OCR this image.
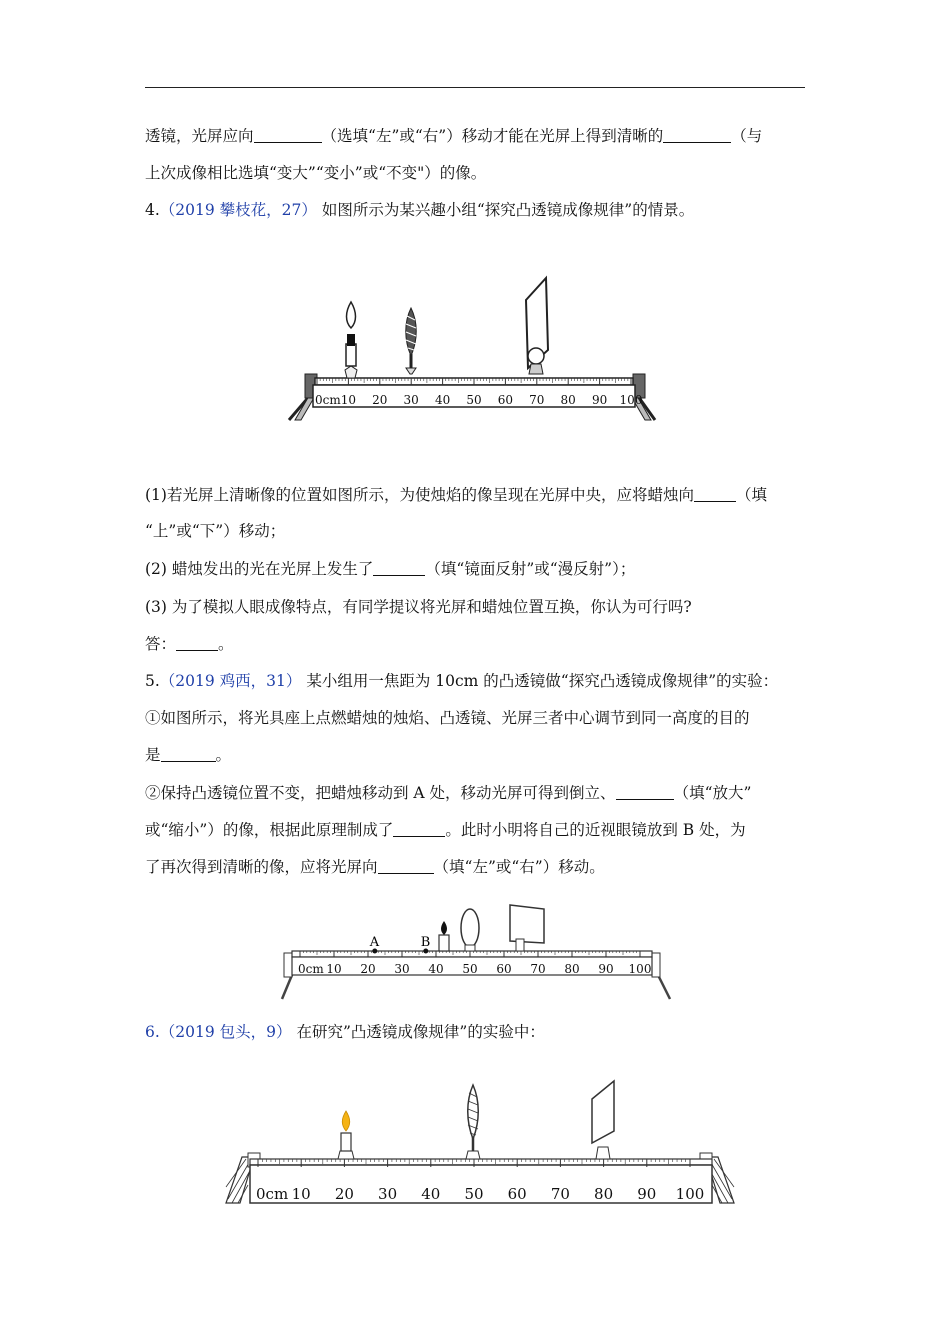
透镜，光屏应向	（选填“左”或“右”）移动才能在光屏上得到清晰的	（与
上次成像相比选填“变大”“变小”或“不变"）的像。
4.（2019 攀枝花，27） 如图所示为某兴趣小组“探究凸透镜成像规律”的情景。
0cm 10 20 30 40 50 60 70 80 90 100
(1)若光屏上清晰像的位置如图所示，为使烛焰的像呈现在光屏中央，应将蜡烛向	（填
“上”或“下”）移动；
(2) 蜡烛发出的光在光屏上发生了	（填“镜面反射”或“漫反射”）；
(3) 为了模拟人眼成像特点，有同学提议将光屏和蜡烛位置互换，你认为可行吗?
答：	。
5.（2019 鸡西，31） 某小组用一焦距为 10cm 的凸透镜做“探究凸透镜成像规律”的实验：
①如图所示，将光具座上点燃蜡烛的烛焰、凸透镜、光屏三者中心调节到同一高度的目的
是	。
②保持凸透镜位置不变，把蜡烛移动到 A 处，移动光屏可得到倒立、	（填“放大”
或“缩小”）的像，根据此原理制成了	。此时小明将自己的近视眼镜放到 B 处，为
了再次得到清晰的像，应将光屏向	（填“左”或“右”）移动。
0cm 10 20 30 40 50 60 70 80 90 100
A	B
6.（2019 包头，9） 在研究”凸透镜成像规律”的实验中：
0cm 10 20 30 40 50 60 70 80 90 100
